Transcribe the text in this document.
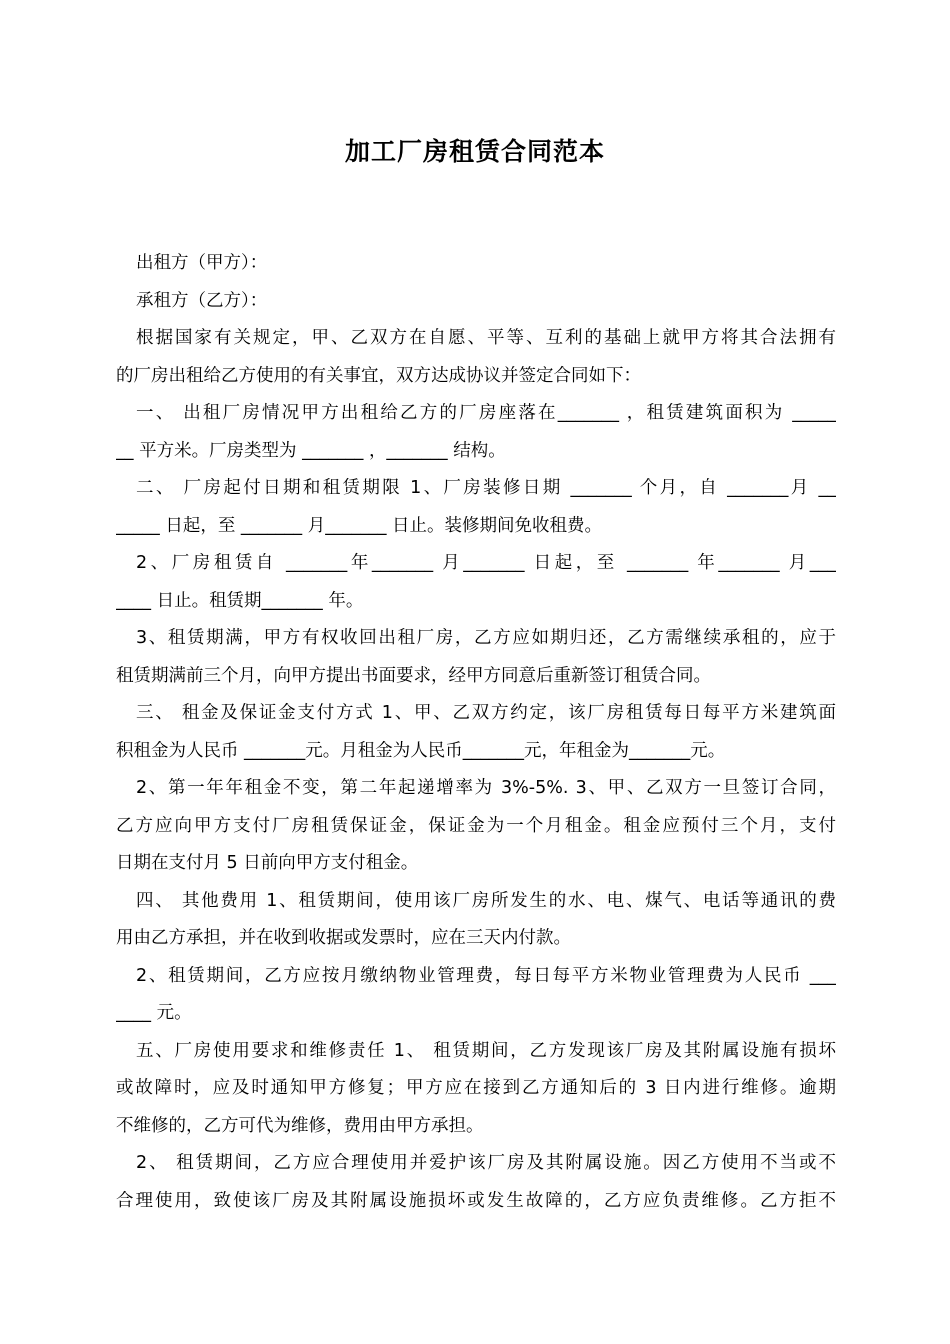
加工厂房租赁合同范本
出租方（甲方）：
承租方（乙方）：
根据国家有关规定，甲、乙双方在自愿、平等、互利的基础上就甲方将其合法拥有
的厂房出租给乙方使用的有关事宜，双方达成协议并签定合同如下：
一、 出租厂房情况甲方出租给乙方的厂房座落在_______ ，租赁建筑面积为 _____
__ 平方米。厂房类型为 _______ ，_______ 结构。
二、 厂房起付日期和租赁期限 1、厂房装修日期 _______ 个月，自 _______月 __
_____ 日起，至 _______ 月_______ 日止。装修期间免收租费。
2、厂房租赁自 _______年_______ 月_______ 日起，至 _______ 年_______ 月___
____ 日止。租赁期_______ 年。
3、租赁期满，甲方有权收回出租厂房，乙方应如期归还，乙方需继续承租的，应于
租赁期满前三个月，向甲方提出书面要求，经甲方同意后重新签订租赁合同。
三、 租金及保证金支付方式 1、甲、乙双方约定，该厂房租赁每日每平方米建筑面
积租金为人民币 _______元。月租金为人民币_______元，年租金为_______元。
2、第一年年租金不变，第二年起递增率为 3%-5%. 3、甲、乙双方一旦签订合同，
乙方应向甲方支付厂房租赁保证金，保证金为一个月租金。租金应预付三个月，支付
日期在支付月 5 日前向甲方支付租金。
四、 其他费用 1、租赁期间，使用该厂房所发生的水、电、煤气、电话等通讯的费
用由乙方承担，并在收到收据或发票时，应在三天内付款。
2、租赁期间，乙方应按月缴纳物业管理费，每日每平方米物业管理费为人民币 ___
____ 元。
五、厂房使用要求和维修责任 1、 租赁期间，乙方发现该厂房及其附属设施有损坏
或故障时，应及时通知甲方修复；甲方应在接到乙方通知后的 3 日内进行维修。逾期
不维修的，乙方可代为维修，费用由甲方承担。
2、 租赁期间，乙方应合理使用并爱护该厂房及其附属设施。因乙方使用不当或不
合理使用，致使该厂房及其附属设施损坏或发生故障的，乙方应负责维修。乙方拒不
